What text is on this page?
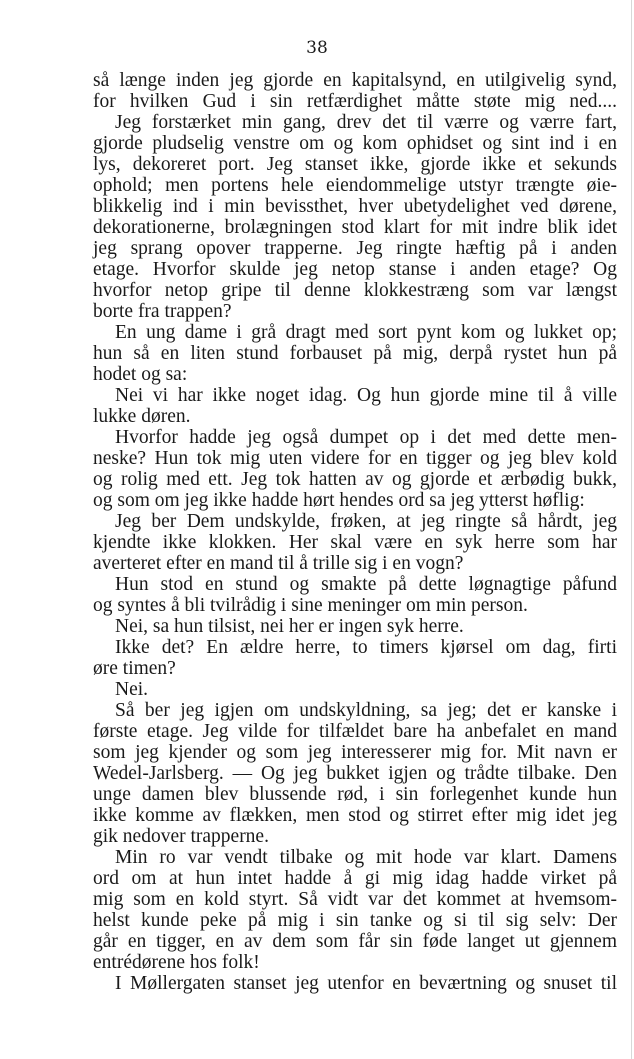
38
så længe inden jeg gjorde en kapitalsynd, en utilgivelig synd,
for hvilken Gud i sin retfærdighet måtte støte mig ned....
Jeg forstærket min gang, drev det til værre og værre fart,
gjorde pludselig venstre om og kom ophidset og sint ind i en
lys, dekoreret port. Jeg stanset ikke, gjorde ikke et sekunds
ophold; men portens hele eiendommelige utstyr trængte øie-
blikkelig ind i min bevissthet, hver ubetydelighet ved dørene,
dekorationerne, brolægningen stod klart for mit indre blik idet
jeg sprang opover trapperne. Jeg ringte hæftig på i anden
etage. Hvorfor skulde jeg netop stanse i anden etage? Og
hvorfor netop gripe til denne klokkestræng som var længst
borte fra trappen?
En ung dame i grå dragt med sort pynt kom og lukket op;
hun så en liten stund forbauset på mig, derpå rystet hun på
hodet og sa:
Nei vi har ikke noget idag. Og hun gjorde mine til å ville
lukke døren.
Hvorfor hadde jeg også dumpet op i det med dette men-
neske? Hun tok mig uten videre for en tigger og jeg blev kold
og rolig med ett. Jeg tok hatten av og gjorde et ærbødig bukk,
og som om jeg ikke hadde hørt hendes ord sa jeg ytterst høflig:
Jeg ber Dem undskylde, frøken, at jeg ringte så hårdt, jeg
kjendte ikke klokken. Her skal være en syk herre som har
averteret efter en mand til å trille sig i en vogn?
Hun stod en stund og smakte på dette løgnagtige påfund
og syntes å bli tvilrådig i sine meninger om min person.
Nei, sa hun tilsist, nei her er ingen syk herre.
Ikke det? En ældre herre, to timers kjørsel om dag, firti
øre timen?
Nei.
Så ber jeg igjen om undskyldning, sa jeg; det er kanske i
første etage. Jeg vilde for tilfældet bare ha anbefalet en mand
som jeg kjender og som jeg interesserer mig for. Mit navn er
Wedel-Jarlsberg. — Og jeg bukket igjen og trådte tilbake. Den
unge damen blev blussende rød, i sin forlegenhet kunde hun
ikke komme av flækken, men stod og stirret efter mig idet jeg
gik nedover trapperne.
Min ro var vendt tilbake og mit hode var klart. Damens
ord om at hun intet hadde å gi mig idag hadde virket på
mig som en kold styrt. Så vidt var det kommet at hvemsom-
helst kunde peke på mig i sin tanke og si til sig selv: Der
går en tigger, en av dem som får sin føde langet ut gjennem
entrédørene hos folk!
I Møllergaten stanset jeg utenfor en beværtning og snuset til
